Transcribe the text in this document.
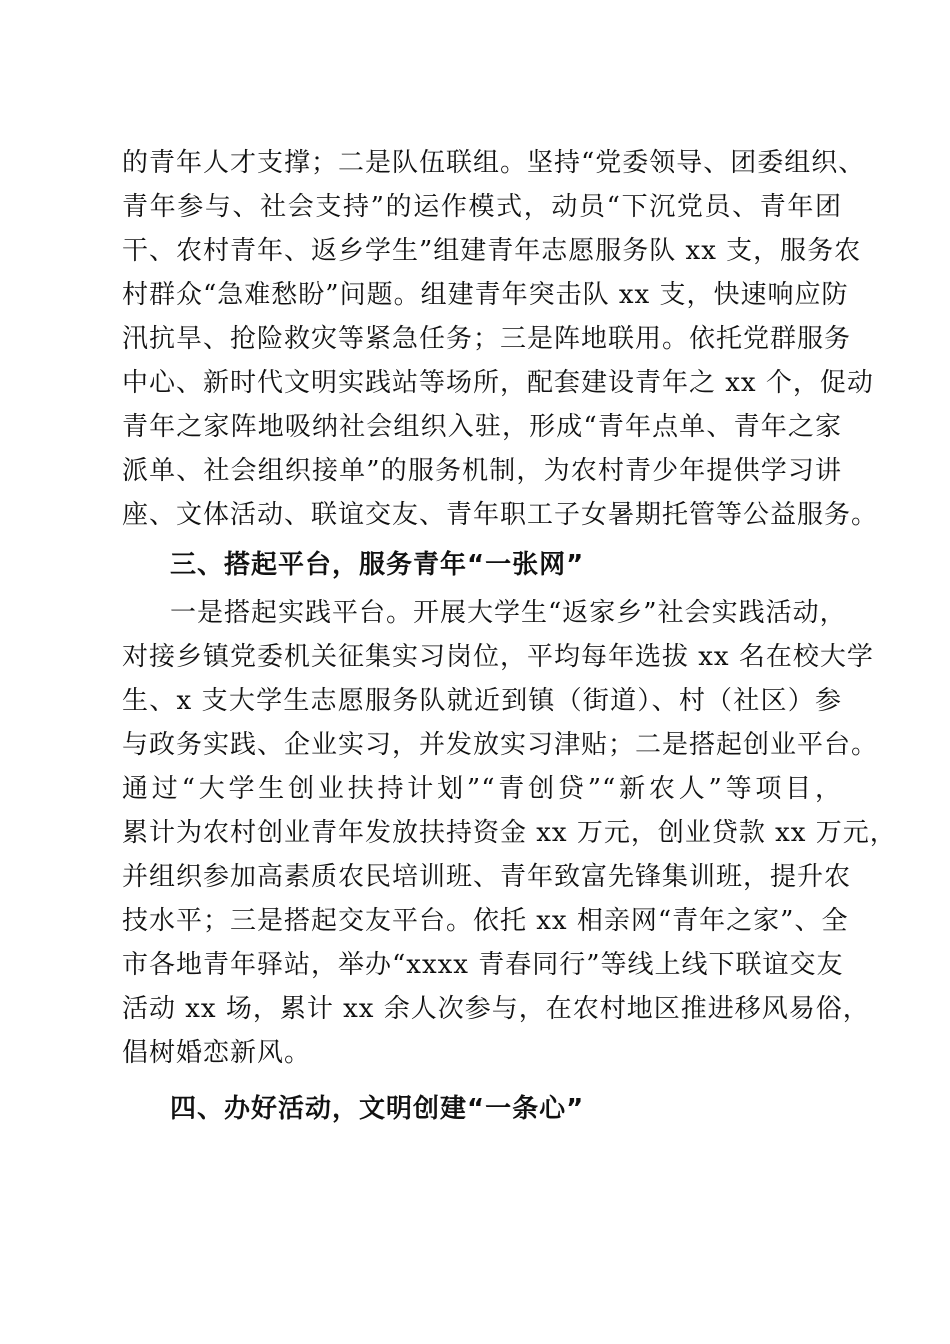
的青年人才支撑；二是队伍联组。坚持“党委领导、团委组织、
青年参与、社会支持”的运作模式，动员“下沉党员、青年团
干、农村青年、返乡学生”组建青年志愿服务队 xx 支，服务农
村群众“急难愁盼”问题。组建青年突击队 xx 支，快速响应防
汛抗旱、抢险救灾等紧急任务；三是阵地联用。依托党群服务
中心、新时代文明实践站等场所，配套建设青年之 xx 个，促动
青年之家阵地吸纳社会组织入驻，形成“青年点单、青年之家
派单、社会组织接单”的服务机制，为农村青少年提供学习讲
座、文体活动、联谊交友、青年职工子女暑期托管等公益服务。
三、搭起平台，服务青年“一张网”
一是搭起实践平台。开展大学生“返家乡”社会实践活动，
对接乡镇党委机关征集实习岗位，平均每年选拔 xx 名在校大学
生、x 支大学生志愿服务队就近到镇（街道）、村（社区）参
与政务实践、企业实习，并发放实习津贴；二是搭起创业平台。
通过“大学生创业扶持计划”“青创贷”“新农人”等项目，
累计为农村创业青年发放扶持资金 xx 万元，创业贷款 xx 万元，
并组织参加高素质农民培训班、青年致富先锋集训班，提升农
技水平；三是搭起交友平台。依托 xx 相亲网“青年之家”、全
市各地青年驿站，举办“xxxx 青春同行”等线上线下联谊交友
活动 xx 场，累计 xx 余人次参与，在农村地区推进移风易俗，
倡树婚恋新风。
四、办好活动，文明创建“一条心”
